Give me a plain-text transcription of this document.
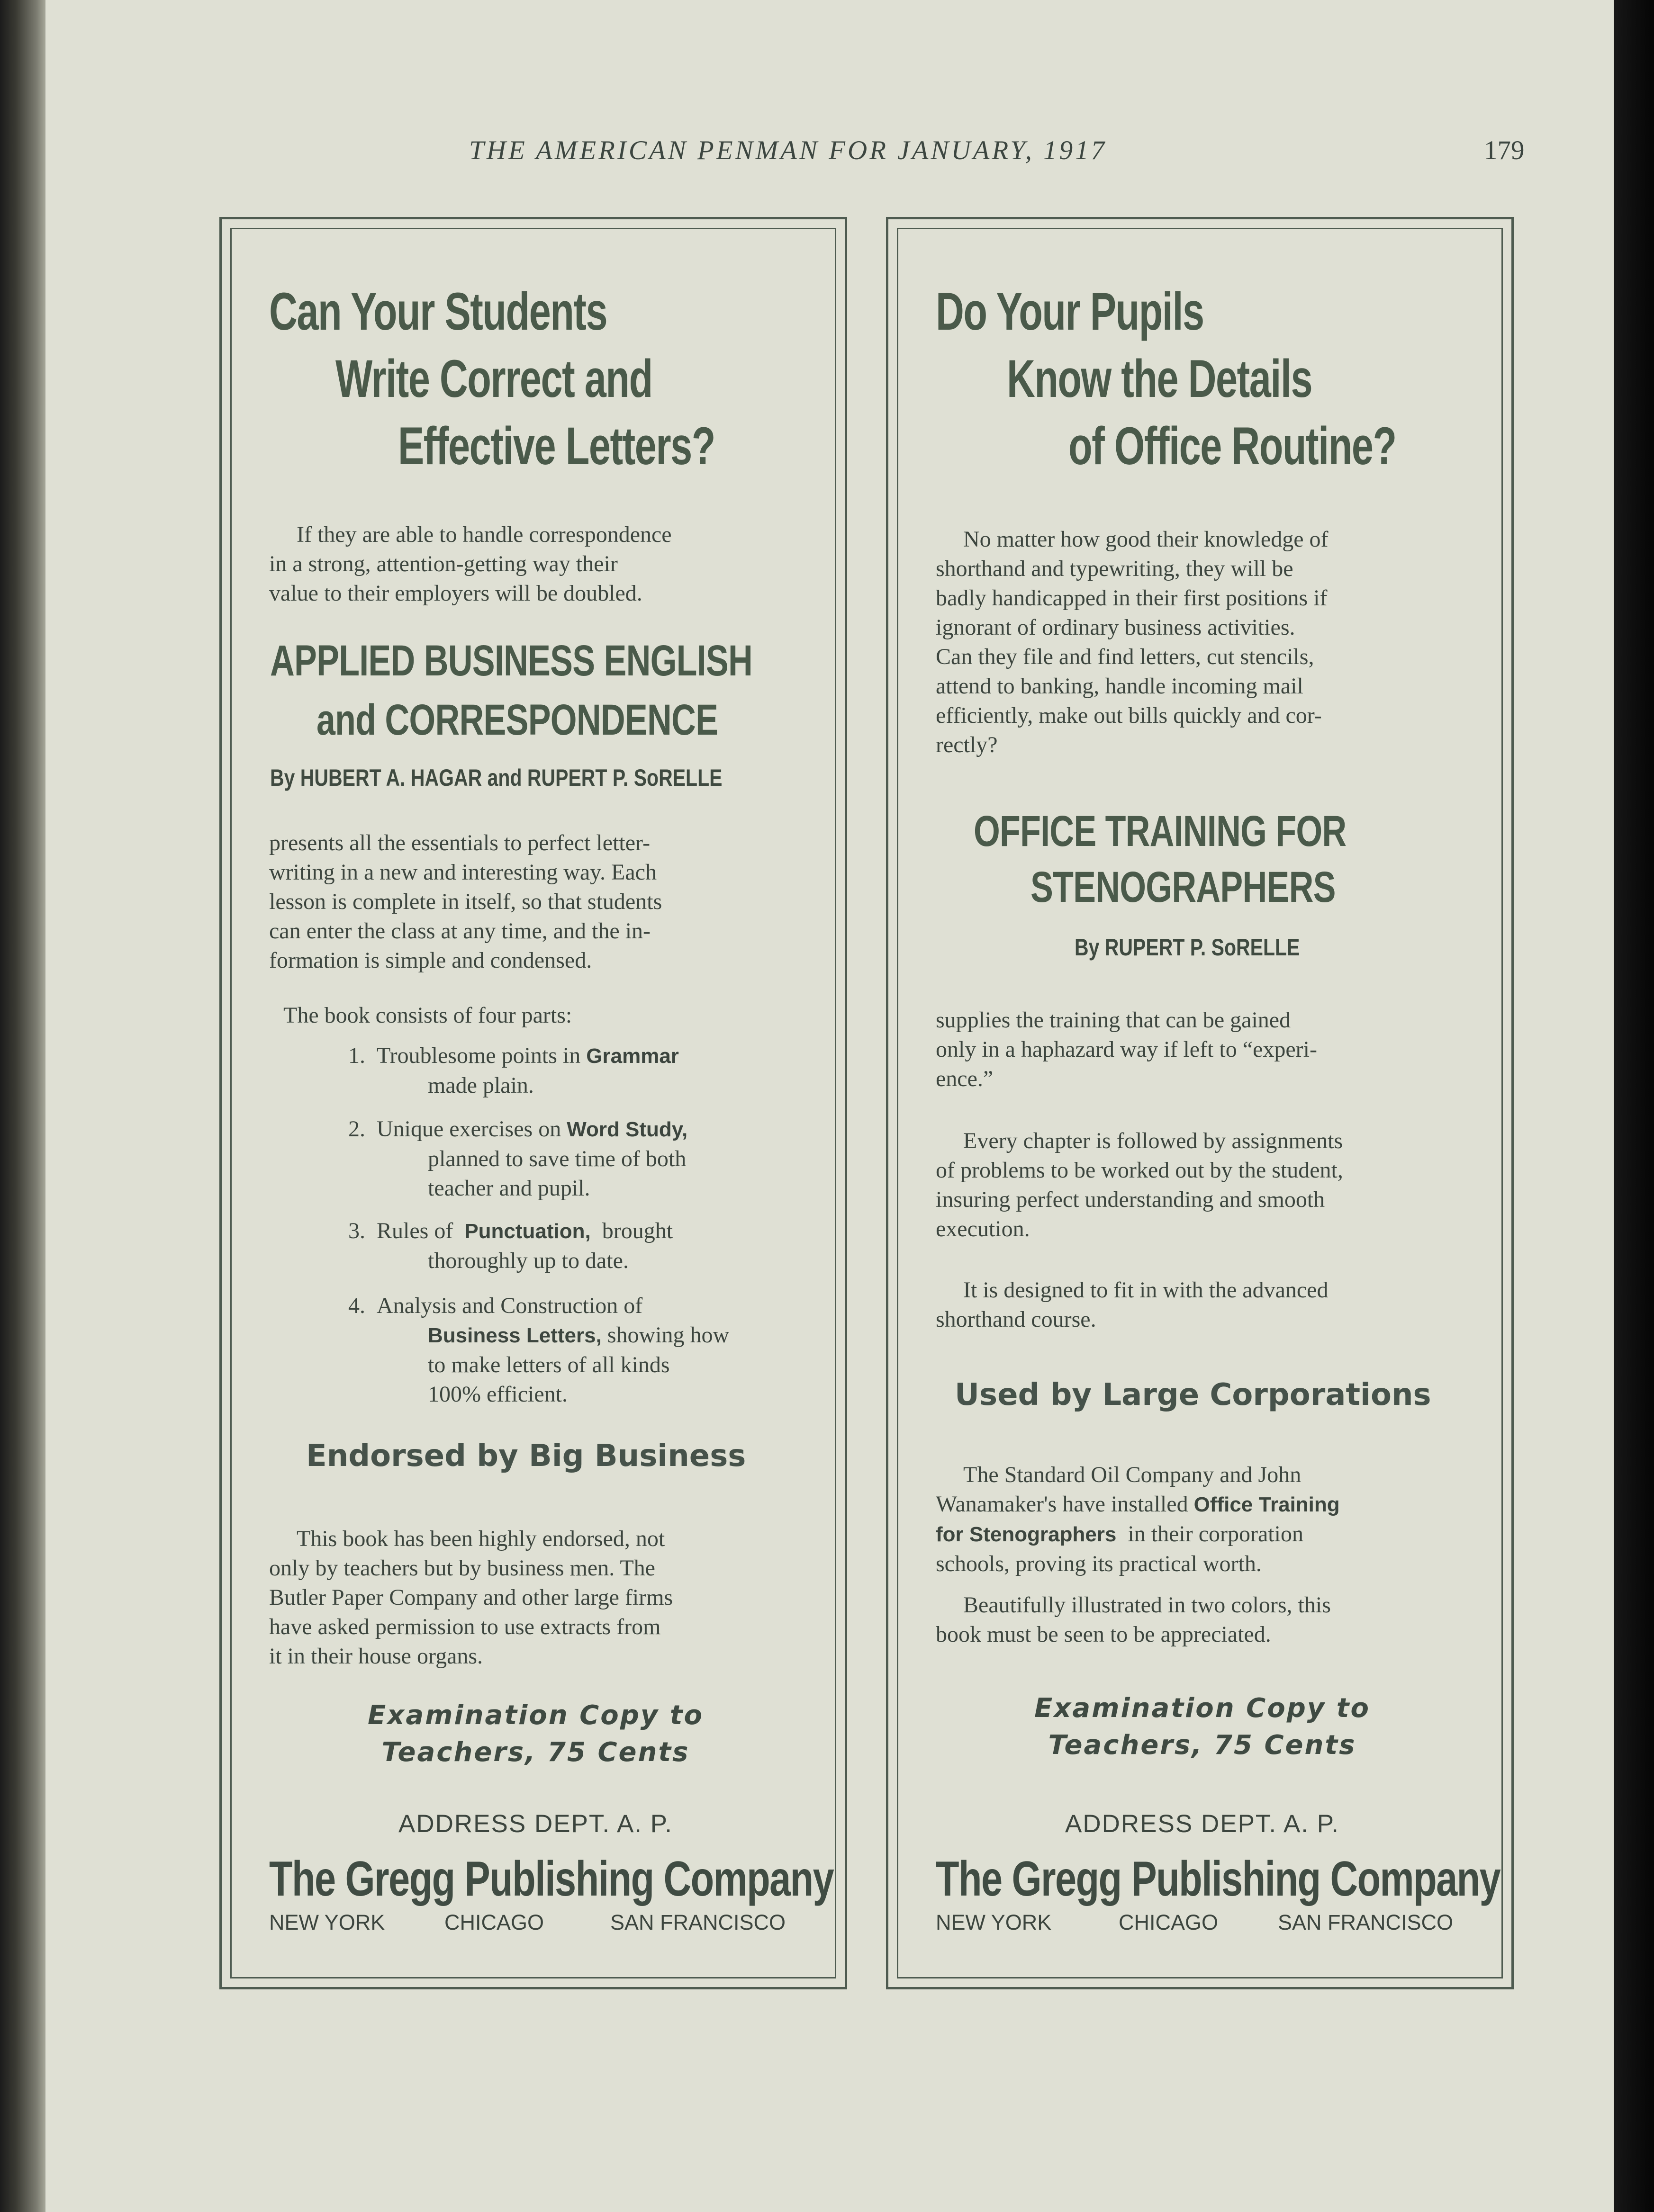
THE AMERICAN PENMAN FOR JANUARY, 1917	179
Can Your Students
Write Correct and
Effective Letters?
If they are able to handle correspondence
in a strong, attention-getting way their
value to their employers will be doubled.
APPLIED BUSINESS ENGLISH
and CORRESPONDENCE
By HUBERT A. HAGAR and RUPERT P. SoRELLE
presents all the essentials to perfect letter-
writing in a new and interesting way. Each
lesson is complete in itself, so that students
can enter the class at any time, and the in-
formation is simple and condensed.
The book consists of four parts:
1. Troublesome points in Grammar
made plain.
2. Unique exercises on Word Study,
planned to save time of both
teacher and pupil.
3. Rules of Punctuation, brought
thoroughly up to date.
4. Analysis and Construction of
Business Letters, showing how
to make letters of all kinds
100% efficient.
Endorsed by Big Business
This book has been highly endorsed, not
only by teachers but by business men. The
Butler Paper Company and other large firms
have asked permission to use extracts from
it in their house organs.
Examination Copy to
Teachers, 75 Cents
ADDRESS DEPT. A. P.
The Gregg Publishing Company
NEW YORK	CHICAGO	SAN FRANCISCO
Do Your Pupils
Know the Details
of Office Routine?
No matter how good their knowledge of
shorthand and typewriting, they will be
badly handicapped in their first positions if
ignorant of ordinary business activities.
Can they file and find letters, cut stencils,
attend to banking, handle incoming mail
efficiently, make out bills quickly and cor-
rectly?
OFFICE TRAINING FOR
STENOGRAPHERS
By RUPERT P. SoRELLE
supplies the training that can be gained
only in a haphazard way if left to “experi-
ence.”
Every chapter is followed by assignments
of problems to be worked out by the student,
insuring perfect understanding and smooth
execution.
It is designed to fit in with the advanced
shorthand course.
Used by Large Corporations
The Standard Oil Company and John
Wanamaker's have installed Office Training
for Stenographers in their corporation
schools, proving its practical worth.
Beautifully illustrated in two colors, this
book must be seen to be appreciated.
Examination Copy to
Teachers, 75 Cents
ADDRESS DEPT. A. P.
The Gregg Publishing Company
NEW YORK	CHICAGO	SAN FRANCISCO
